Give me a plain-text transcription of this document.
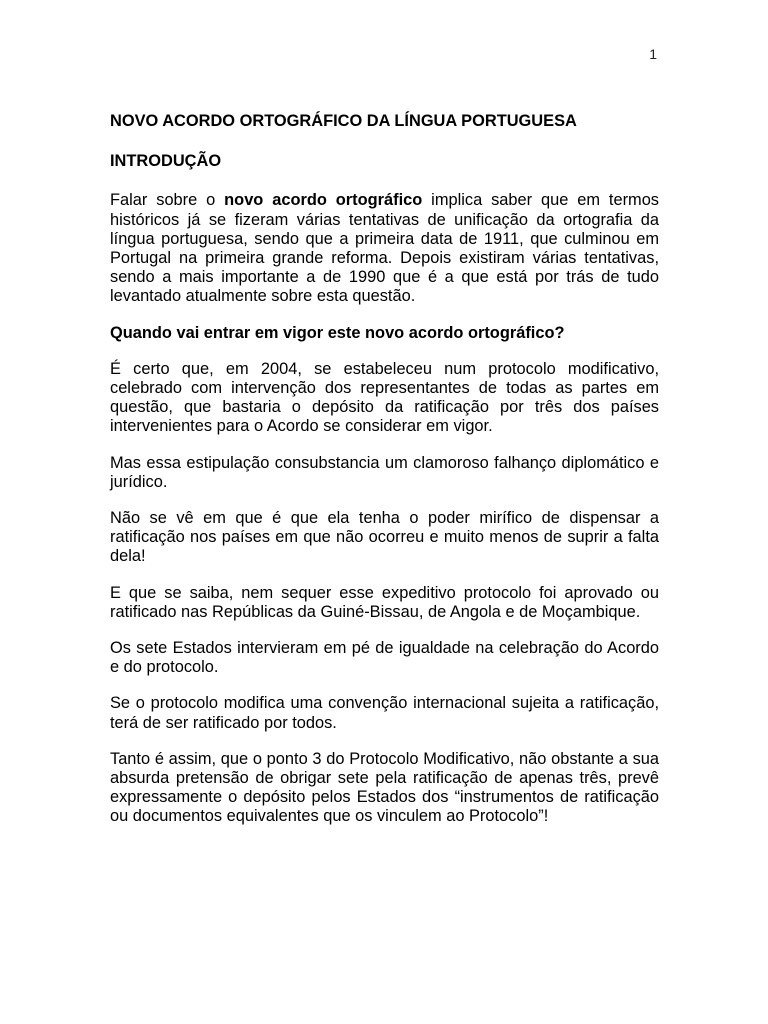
1
NOVO ACORDO ORTOGRÁFICO DA LÍNGUA PORTUGUESA
INTRODUÇÃO

Falar sobre o novo acordo ortográfico implica saber que em termos históricos já se fizeram várias tentativas de unificação da ortografia da língua portuguesa, sendo que a primeira data de 1911, que culminou em Portugal na primeira grande reforma. Depois existiram várias tentativas, sendo a mais importante a de 1990 que é a que está por trás de tudo levantado atualmente sobre esta questão.

Quando vai entrar em vigor este novo acordo ortográfico?

É certo que, em 2004, se estabeleceu num protocolo modificativo, celebrado com intervenção dos representantes de todas as partes em questão, que bastaria o depósito da ratificação por três dos países intervenientes para o Acordo se considerar em vigor.

Mas essa estipulação consubstancia um clamoroso falhanço diplomático e jurídico.

Não se vê em que é que ela tenha o poder mirífico de dispensar a ratificação nos países em que não ocorreu e muito menos de suprir a falta dela!

E que se saiba, nem sequer esse expeditivo protocolo foi aprovado ou ratificado nas Repúblicas da Guiné-Bissau, de Angola e de Moçambique.

Os sete Estados intervieram em pé de igualdade na celebração do Acordo e do protocolo.

Se o protocolo modifica uma convenção internacional sujeita a ratificação, terá de ser ratificado por todos.

Tanto é assim, que o ponto 3 do Protocolo Modificativo, não obstante a sua absurda pretensão de obrigar sete pela ratificação de apenas três, prevê expressamente o depósito pelos Estados dos “instrumentos de ratificação ou documentos equivalentes que os vinculem ao Protocolo”!
